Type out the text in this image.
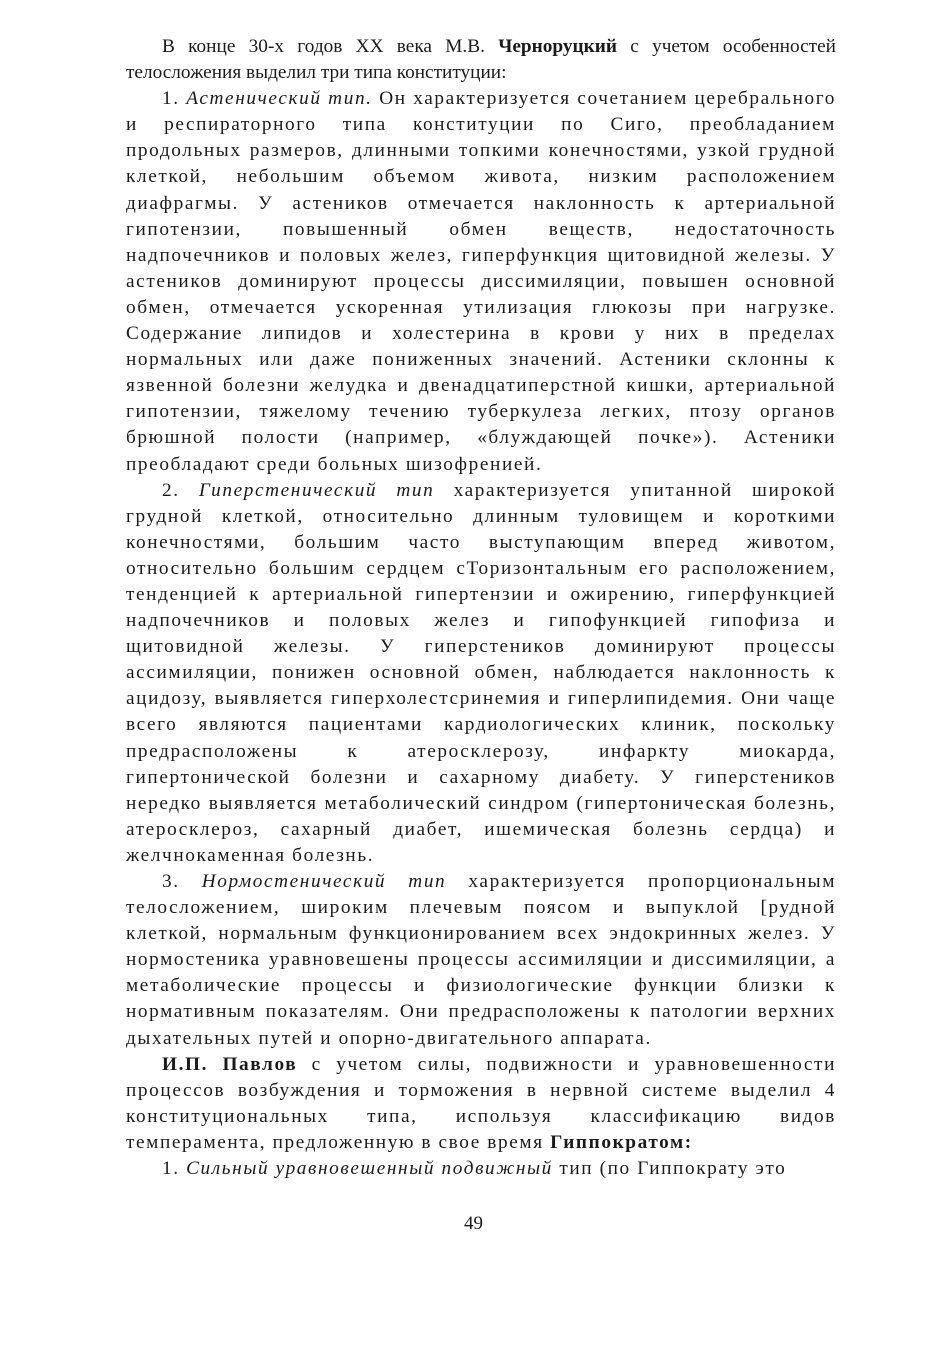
В конце 30-х годов XX века М.В. Черноруцкий с учетом особенностей телосложения выделил три типа конституции:

1. Астенический тип. Он характеризуется сочетанием церебрального и респираторного типа конституции по Сиго, преобладанием продольных размеров, длинными топкими конечностями, узкой грудной клеткой, небольшим объемом живота, низким расположением диафрагмы. У астеников отмечается наклонность к артериальной гипотензии, повышенный обмен веществ, недостаточность надпочечников и половых желез, гиперфункция щитовидной железы. У астеников доминируют процессы диссимиляции, повышен основной обмен, отмечается ускоренная утилизация глюкозы при нагрузке. Содержание липидов и холестерина в крови у них в пределах нормальных или даже пониженных значений. Астеники склонны к язвенной болезни желудка и двенадцатиперстной кишки, артериальной гипотензии, тяжелому течению туберкулеза легких, птозу органов брюшной полости (например, «блуждающей почке»). Астеники преобладают среди больных шизофренией.

2. Гиперстенический тип характеризуется упитанной широкой грудной клеткой, относительно длинным туловищем и короткими конечностями, большим часто выступающим вперед животом, относительно большим сердцем сТоризонтальным его расположением, тенденцией к артериальной гипертензии и ожирению, гиперфункцией надпочечников и половых желез и гипофункцией гипофиза и щитовидной железы. У гиперстеников доминируют процессы ассимиляции, понижен основной обмен, наблюдается наклонность к ацидозу, выявляется гиперхолестсринемия и гиперлипидемия. Они чаще всего являются пациентами кардиологических клиник, поскольку предрасположены к атеросклерозу, инфаркту миокарда, гипертонической болезни и сахарному диабету. У гиперстеников нередко выявляется метаболический синдром (гипертоническая болезнь, атеросклероз, сахарный диабет, ишемическая болезнь сердца) и желчнокаменная болезнь.

3. Нормостенический тип характеризуется пропорциональным телосложением, широким плечевым поясом и выпуклой [рудной клеткой, нормальным функционированием всех эндокринных желез. У нормостеника уравновешены процессы ассимиляции и диссимиляции, а метаболические процессы и физиологические функции близки к нормативным показателям. Они предрасположены к патологии верхних дыхательных путей и опорно-двигательного аппарата.

И.П. Павлов с учетом силы, подвижности и уравновешенности процессов возбуждения и торможения в нервной системе выделил 4 конституциональных типа, используя классификацию видов темперамента, предложенную в свое время Гиппократом:

1. Сильный уравновешенный подвижный тип (по Гиппократу это

49
